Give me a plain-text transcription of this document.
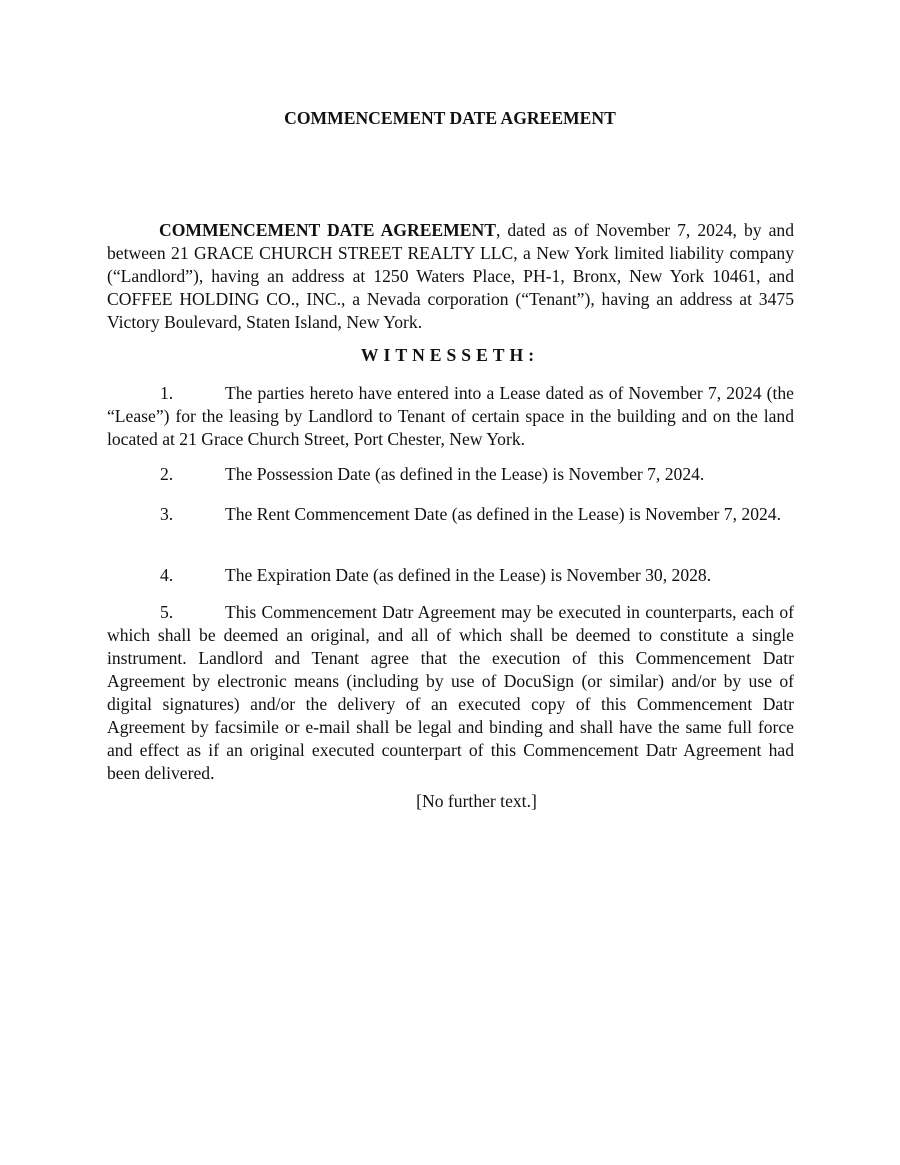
COMMENCEMENT DATE AGREEMENT

COMMENCEMENT DATE AGREEMENT, dated as of November 7, 2024, by and between 21 GRACE CHURCH STREET REALTY LLC, a New York limited liability company (“Landlord”), having an address at 1250 Waters Place, PH-1, Bronx, New York 10461, and COFFEE HOLDING CO., INC., a Nevada corporation (“Tenant”), having an address at 3475 Victory Boulevard, Staten Island, New York.

WITNESSETH:

1.	The parties hereto have entered into a Lease dated as of November 7, 2024 (the “Lease”) for the leasing by Landlord to Tenant of certain space in the building and on the land located at 21 Grace Church Street, Port Chester, New York.

2.	The Possession Date (as defined in the Lease) is November 7, 2024.

3.	The Rent Commencement Date (as defined in the Lease) is November 7, 2024.

4.	The Expiration Date (as defined in the Lease) is November 30, 2028.

5.	This Commencement Datr Agreement may be executed in counterparts, each of which shall be deemed an original, and all of which shall be deemed to constitute a single instrument. Landlord and Tenant agree that the execution of this Commencement Datr Agreement by electronic means (including by use of DocuSign (or similar) and/or by use of digital signatures) and/or the delivery of an executed copy of this Commencement Datr Agreement by facsimile or e-mail shall be legal and binding and shall have the same full force and effect as if an original executed counterpart of this Commencement Datr Agreement had been delivered.

[No further text.]
